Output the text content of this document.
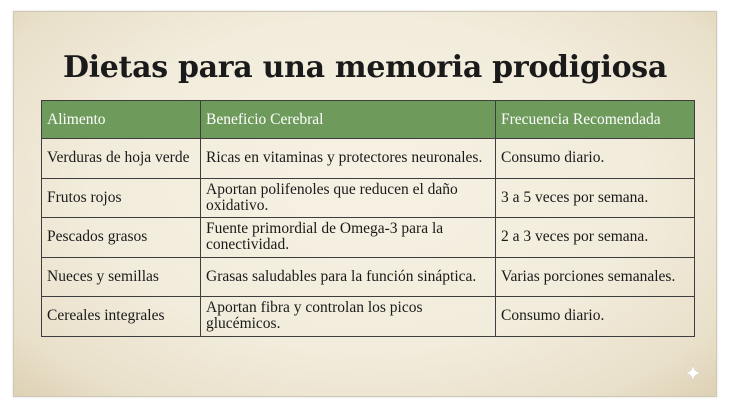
Dietas para una memoria prodigiosa
Alimento	Beneficio Cerebral	Frecuencia Recomendada
Verduras de hoja verde	Ricas en vitaminas y protectores neuronales.	Consumo diario.
Frutos rojos	Aportan polifenoles que reducen el daño oxidativo.	3 a 5 veces por semana.
Pescados grasos	Fuente primordial de Omega-3 para la conectividad.	2 a 3 veces por semana.
Nueces y semillas	Grasas saludables para la función sináptica.	Varias porciones semanales.
Cereales integrales	Aportan fibra y controlan los picos glucémicos.	Consumo diario.
